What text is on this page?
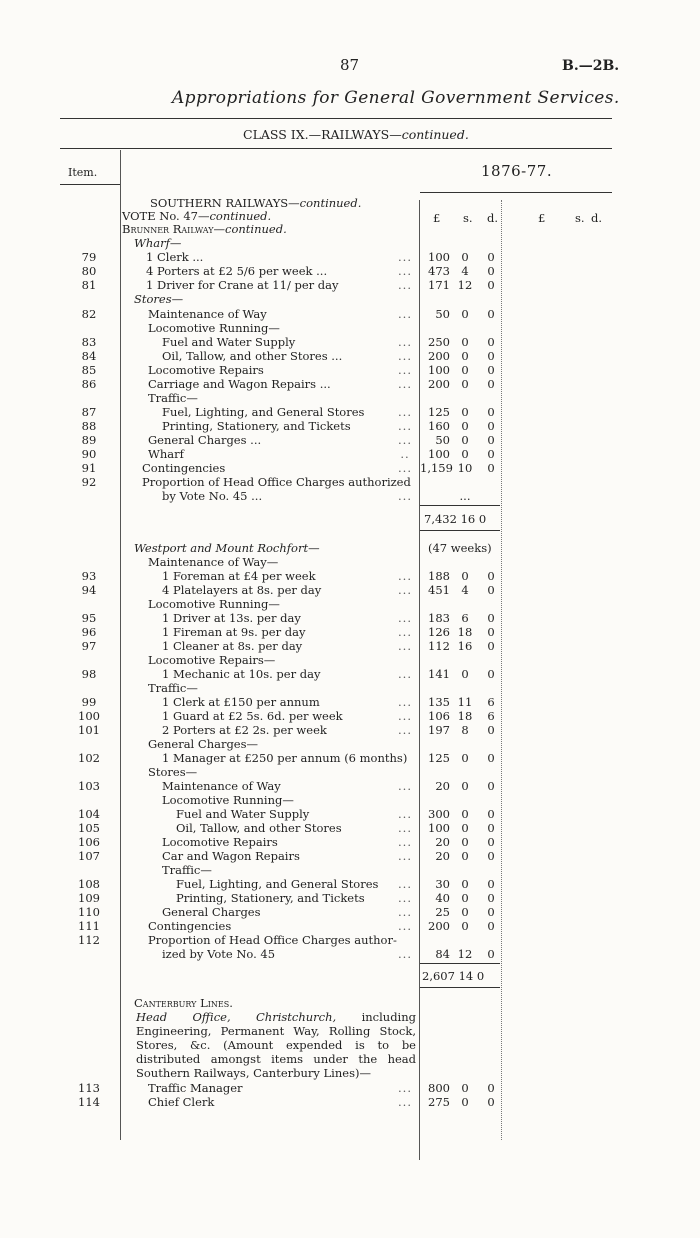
87	B.—2B.
Appropriations for General Government Services.
CLASS IX.—RAILWAYS—continued.
Item.	1876-77.
£ s. d.	£	s. d.
SOUTHERN RAILWAYS—continued.
VOTE No. 47—continued.
Brunner Railway—continued.
Wharf—
79	1 Clerk ...	...	100 0	0
80	4 Porters at £2 5/6 per week ...	...	473 4	0
81	1 Driver for Crane at 11/ per day	...	171 12	0
Stores—
82	Maintenance of Way	...	50 0	0
Locomotive Running—
83	Fuel and Water Supply	...	250 0	0
84	Oil, Tallow, and other Stores ...	...	200 0	0
85	Locomotive Repairs	...	100 0	0
86	Carriage and Wagon Repairs ...	...	200 0	0
Traffic—
87	Fuel, Lighting, and General Stores	...	125 0	0
88	Printing, Stationery, and Tickets	...	160 0	0
89	General Charges ...	...	50 0	0
90	Wharf	..	100 0	0
91	Contingencies	... 1,159 10	0
92	Proportion of Head Office Charges authorized
by Vote No. 45 ...	...	...
7,432 16 0
Westport and Mount Rochfort—	(47 weeks)
Maintenance of Way—
93	1 Foreman at £4 per week	...	188 0	0
94	4 Platelayers at 8s. per day	...	451 4	0
Locomotive Running—
95	1 Driver at 13s. per day	...	183 6	0
96	1 Fireman at 9s. per day	...	126 18	0
97	1 Cleaner at 8s. per day	...	112 16	0
Locomotive Repairs—
98	1 Mechanic at 10s. per day	...	141 0	0
Traffic—
99	1 Clerk at £150 per annum	...	135 11	6
100	1 Guard at £2 5s. 6d. per week	...	106 18	6
101	2 Porters at £2 2s. per week	...	197 8	0
General Charges—
102	1 Manager at £250 per annum (6 months)	125 0	0
Stores—
103	Maintenance of Way	...	20 0	0
Locomotive Running—
104	Fuel and Water Supply	...	300 0	0
105	Oil, Tallow, and other Stores	...	100 0	0
106	Locomotive Repairs	...	20 0	0
107	Car and Wagon Repairs	...	20 0	0
Traffic—
108	Fuel, Lighting, and General Stores ...	30 0	0
109	Printing, Stationery, and Tickets	...	40 0	0
110	General Charges	...	25 0	0
111	Contingencies	...	200 0	0
112	Proportion of Head Office Charges author-
ized by Vote No. 45	...	84 12	0
2,607 14 0
Canterbury Lines.
Head Office, Christchurch, including Engineering, Permanent Way, Rolling Stock, Stores, &c. (Amount expended is to be distributed amongst items under the head Southern Railways, Canterbury Lines)—
113	Traffic Manager	...	800 0	0
114	Chief Clerk	...	275 0	0
